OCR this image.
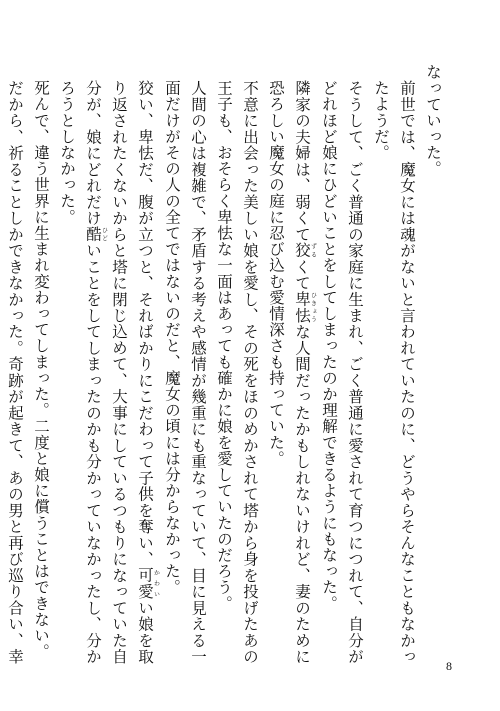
なっていった。

前世では、魔女には魂がないと言われていたのに、どうやらそんなこともなかったようだ。

そうして、ごく普通の家庭に生まれ、ごく普通に愛されて育つにつれて、自分がどれほど娘にひどいことをしてしまったのか理解できるようにもなった。

隣家の夫婦は、弱くて狡ずるくて卑怯ひきょうな人間だったかもしれないけれど、妻のために恐ろしい魔女の庭に忍び込む愛情深さも持っていた。

不意に出会った美しい娘を愛し、その死をほのめかされて塔から身を投げたあの王子も、おそらく卑怯な一面はあっても確かに娘を愛していたのだろう。

人間の心は複雑で、矛盾する考えや感情が幾重にも重なっていて、目に見える一面だけがその人の全てではないのだと、魔女の頃には分からなかった。

狡い、卑怯だ、腹が立つと、そればかりにこだわって子供を奪い、可愛かわいい娘を取り返されたくないからと塔に閉じ込めて、大事にしているつもりになっていた自分が、娘にどれだけ酷ひどいことをしてしまったのかも分かっていなかったし、分かろうとしなかった。

死んで、違う世界に生まれ変わってしまった。二度と娘に償うことはできない。

だから、祈ることしかできなかった。奇跡が起きて、あの男と再び巡り合い、幸

8
